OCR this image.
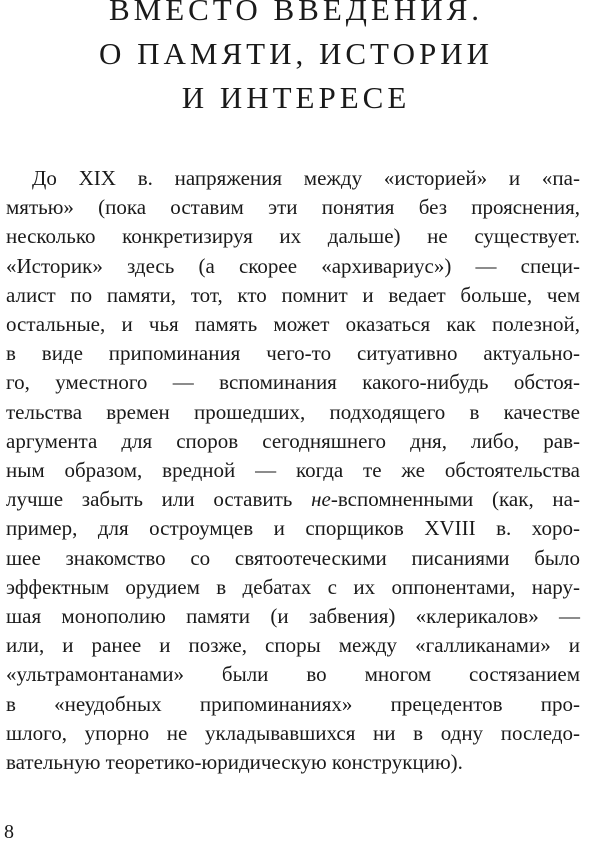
ВМЕСТО ВВЕДЕНИЯ.
О ПАМЯТИ, ИСТОРИИ
И ИНТЕРЕСЕ
До XIX в. напряжения между «историей» и «па-
мятью» (пока оставим эти понятия без прояснения,
несколько конкретизируя их дальше) не существует.
«Историк» здесь (а скорее «архивариус») — специ-
алист по памяти, тот, кто помнит и ведает больше, чем
остальные, и чья память может оказаться как полезной,
в виде припоминания чего-то ситуативно актуально-
го, уместного — вспоминания какого-нибудь обстоя-
тельства времен прошедших, подходящего в качестве
аргумента для споров сегодняшнего дня, либо, рав-
ным образом, вредной — когда те же обстоятельства
лучше забыть или оставить не-вспомненными (как, на-
пример, для остроумцев и спорщиков XVIII в. хоро-
шее знакомство со святоотеческими писаниями было
эффектным орудием в дебатах с их оппонентами, нару-
шая монополию памяти (и забвения) «клерикалов» —
или, и ранее и позже, споры между «галликанами» и
«ультрамонтанами» были во многом состязанием
в «неудобных припоминаниях» прецедентов про-
шлого, упорно не укладывавшихся ни в одну последо-
вательную теоретико-юридическую конструкцию).
8
